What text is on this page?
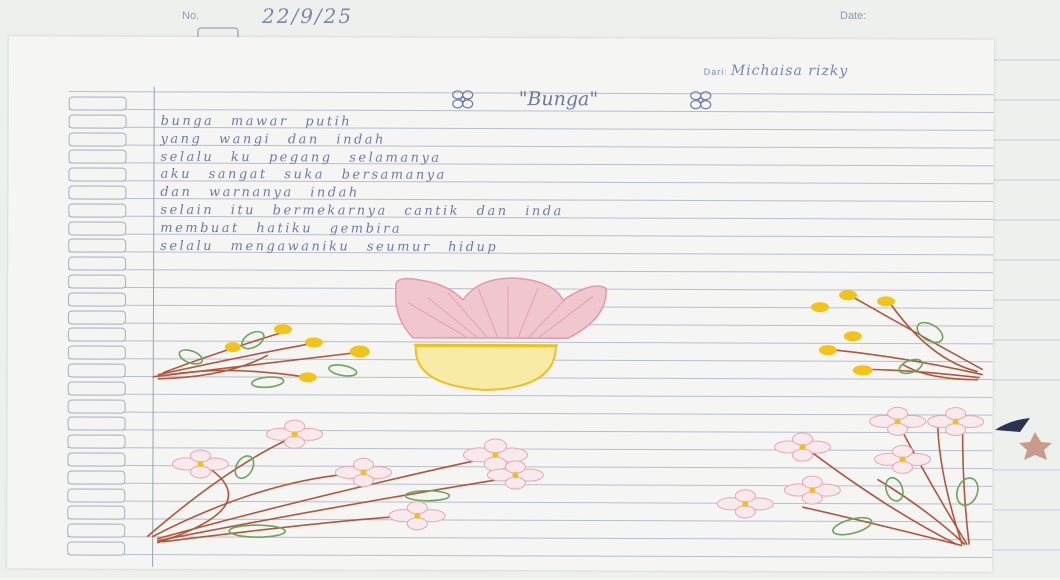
No.	22/9/25	Date:
Dari: Michaisa rizky
"Bunga"
bunga mawar putih
yang wangi dan indah
selalu ku pegang selamanya
aku sangat suka bersamanya
dan warnanya indah
selain itu bermekarnya cantik dan inda
membuat hatiku gembira
selalu mengawaniku seumur hidup
